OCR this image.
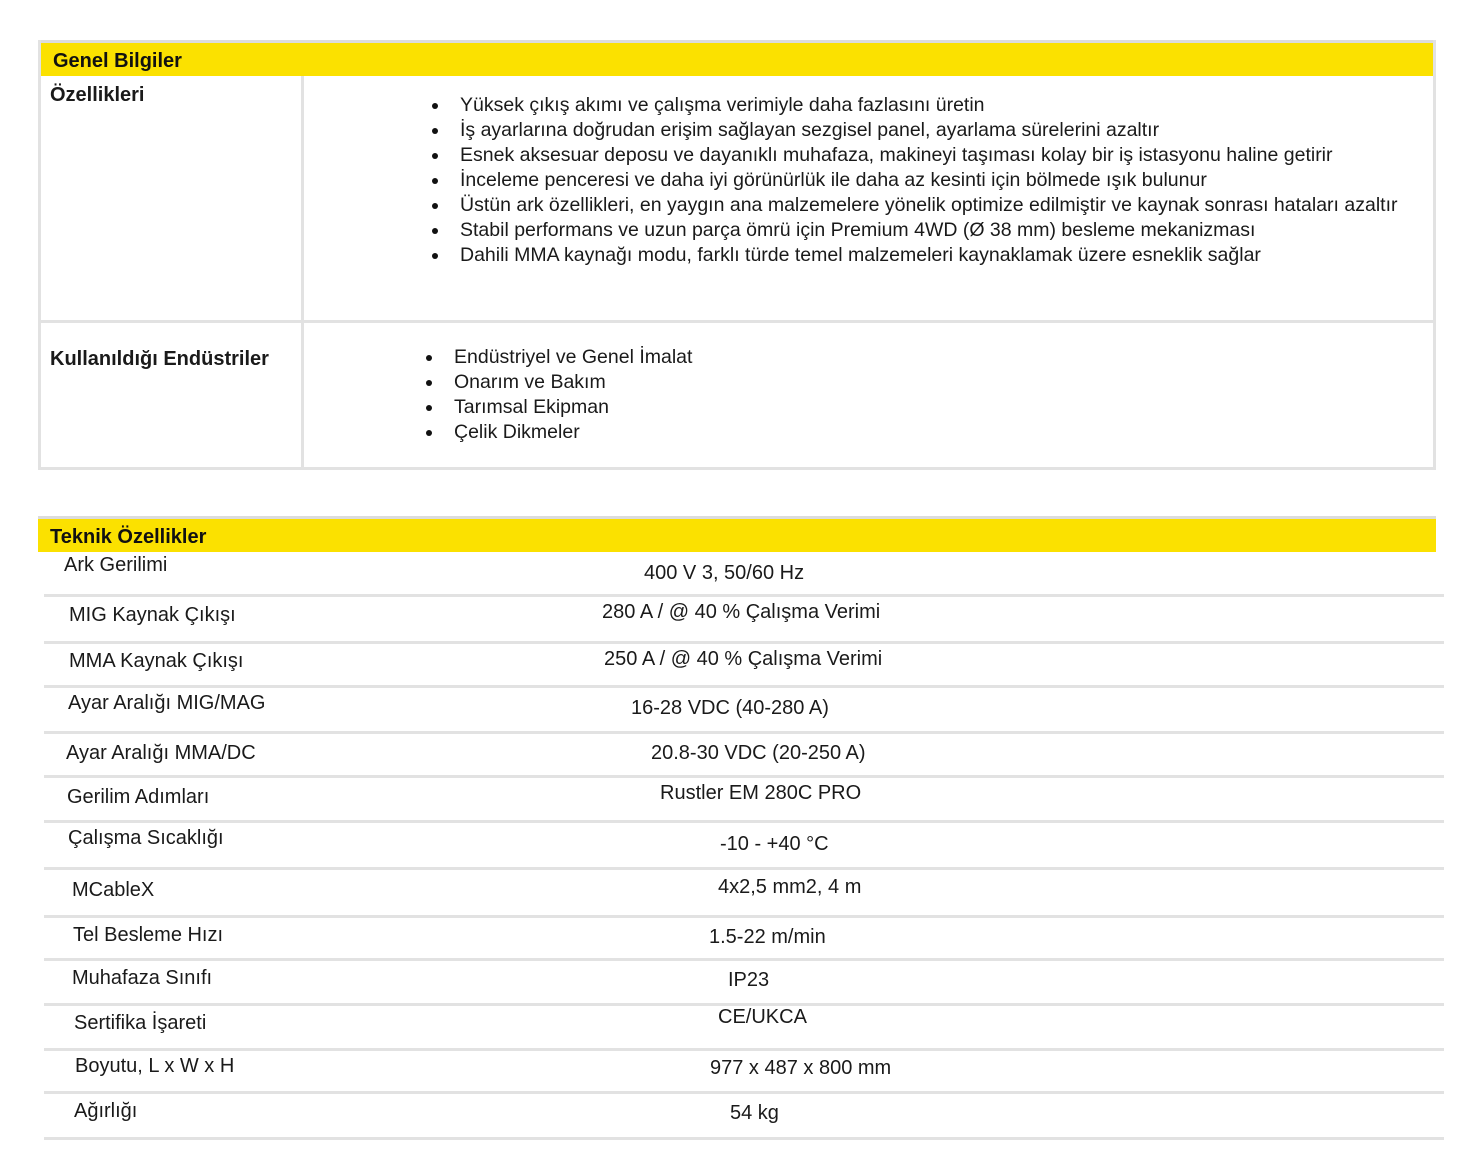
Genel Bilgiler
Özellikleri	Yüksek çıkış akımı ve çalışma verimiyle daha fazlasını üretin
İş ayarlarına doğrudan erişim sağlayan sezgisel panel, ayarlama sürelerini azaltır
Esnek aksesuar deposu ve dayanıklı muhafaza, makineyi taşıması kolay bir iş istasyonu haline getirir
İnceleme penceresi ve daha iyi görünürlük ile daha az kesinti için bölmede ışık bulunur
Üstün ark özellikleri, en yaygın ana malzemelere yönelik optimize edilmiştir ve kaynak sonrası hataları azaltır
Stabil performans ve uzun parça ömrü için Premium 4WD (Ø 38 mm) besleme mekanizması
Dahili MMA kaynağı modu, farklı türde temel malzemeleri kaynaklamak üzere esneklik sağlar
Kullanıldığı Endüstriler	Endüstriyel ve Genel İmalat
Onarım ve Bakım
Tarımsal Ekipman
Çelik Dikmeler
Teknik Özellikler
Ark Gerilimi	400 V 3, 50/60 Hz
MIG Kaynak Çıkışı	280 A / @ 40 % Çalışma Verimi
MMA Kaynak Çıkışı	250 A / @ 40 % Çalışma Verimi
Ayar Aralığı MIG/MAG	16-28 VDC (40-280 A)
Ayar Aralığı MMA/DC	20.8-30 VDC (20-250 A)
Gerilim Adımları	Rustler EM 280C PRO
Çalışma Sıcaklığı	-10 - +40 °C
MCableX	4x2,5 mm2, 4 m
Tel Besleme Hızı	1.5-22 m/min
Muhafaza Sınıfı	IP23
Sertifika İşareti	CE/UKCA
Boyutu, L x W x H	977 x 487 x 800 mm
Ağırlığı	54 kg
